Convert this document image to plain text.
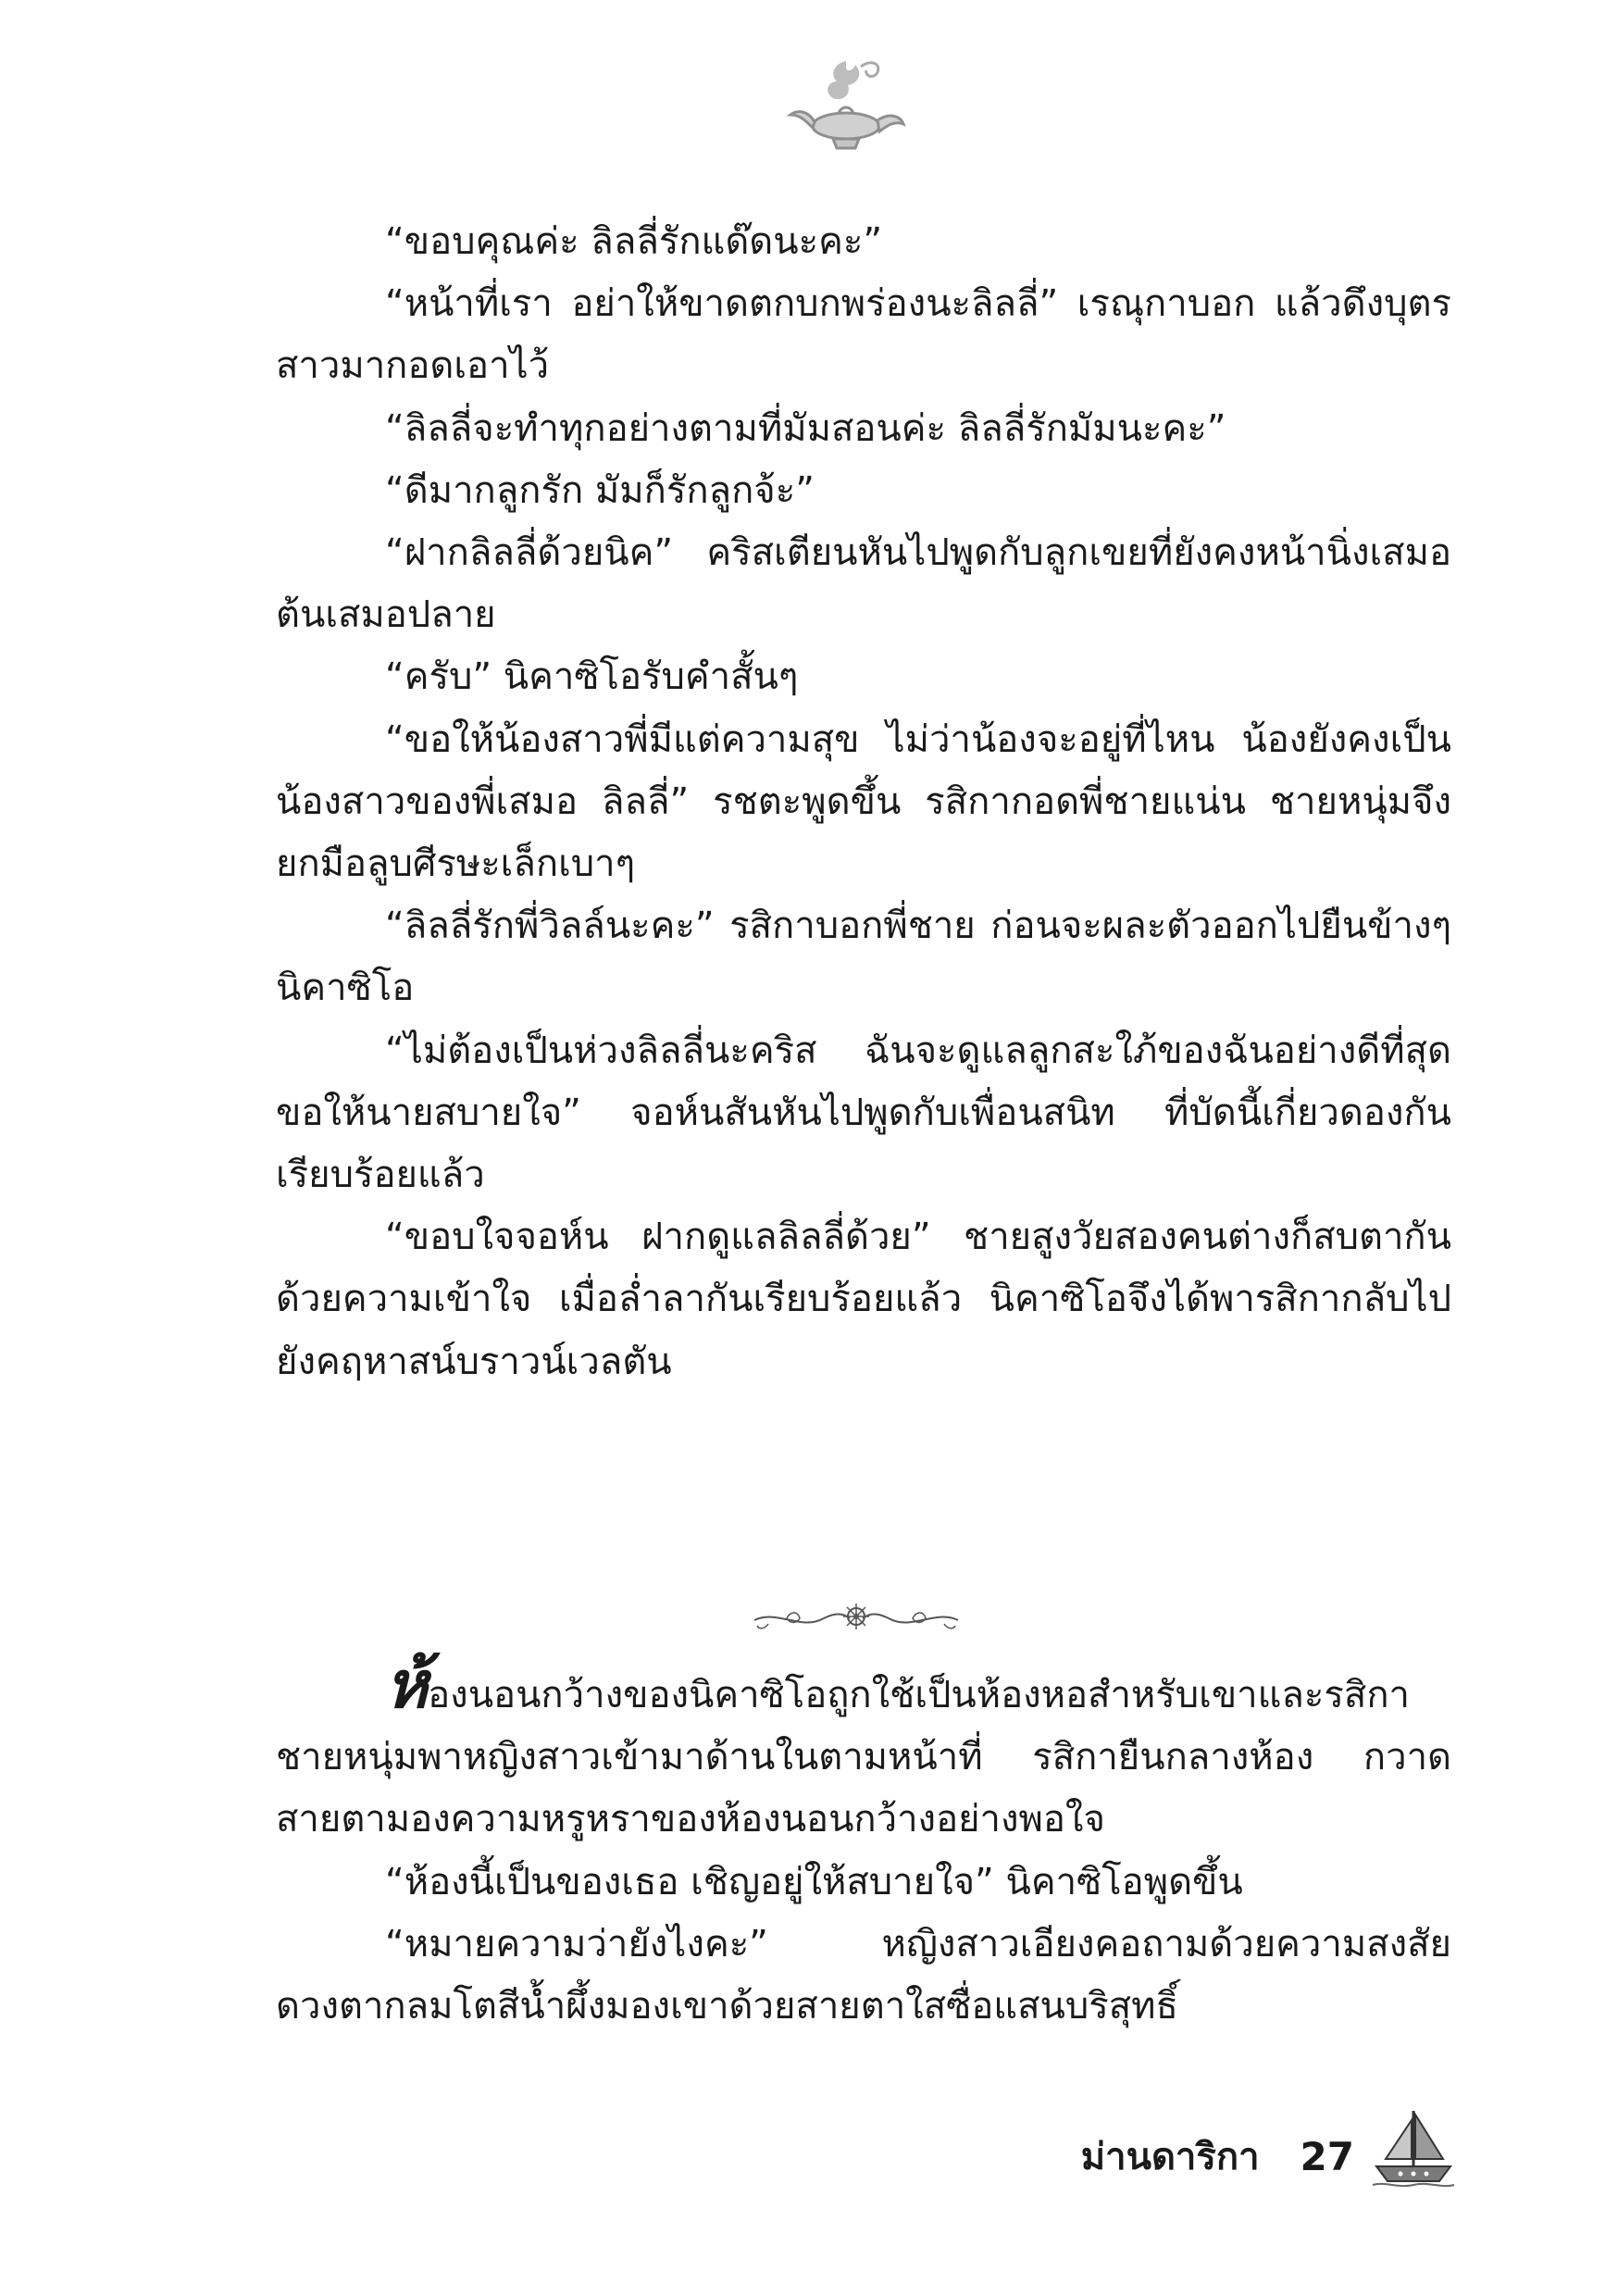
“ขอบคุณค่ะ ลิลลี่รักแด๊ดนะคะ”

“หน้าที่เรา อย่าให้ขาดตกบกพร่องนะลิลลี่” เรณุกาบอก แล้วดึงบุตรสาวมากอดเอาไว้

“ลิลลี่จะทำทุกอย่างตามที่มัมสอนค่ะ ลิลลี่รักมัมนะคะ”

“ดีมากลูกรัก มัมก็รักลูกจ้ะ”

“ฝากลิลลี่ด้วยนิค” คริสเตียนหันไปพูดกับลูกเขยที่ยังคงหน้านิ่งเสมอต้นเสมอปลาย

“ครับ” นิคาซิโอรับคำสั้นๆ

“ขอให้น้องสาวพี่มีแต่ความสุข ไม่ว่าน้องจะอยู่ที่ไหน น้องยังคงเป็นน้องสาวของพี่เสมอ ลิลลี่” รชตะพูดขึ้น รสิกากอดพี่ชายแน่น ชายหนุ่มจึงยกมือลูบศีรษะเล็กเบาๆ

“ลิลลี่รักพี่วิลล์นะคะ” รสิกาบอกพี่ชาย ก่อนจะผละตัวออกไปยืนข้างๆ นิคาซิโอ

“ไม่ต้องเป็นห่วงลิลลี่นะคริส ฉันจะดูแลลูกสะใภ้ของฉันอย่างดีที่สุด ขอให้นายสบายใจ” จอห์นสันหันไปพูดกับเพื่อนสนิท ที่บัดนี้เกี่ยวดองกันเรียบร้อยแล้ว

“ขอบใจจอห์น ฝากดูแลลิลลี่ด้วย” ชายสูงวัยสองคนต่างก็สบตากันด้วยความเข้าใจ เมื่อล่ำลากันเรียบร้อยแล้ว นิคาซิโอจึงได้พารสิกากลับไปยังคฤหาสน์บราวน์เวลตัน

ห้องนอนกว้างของนิคาซิโอถูกใช้เป็นห้องหอสำหรับเขาและรสิกา ชายหนุ่มพาหญิงสาวเข้ามาด้านในตามหน้าที่ รสิกายืนกลางห้อง กวาดสายตามองความหรูหราของห้องนอนกว้างอย่างพอใจ

“ห้องนี้เป็นของเธอ เชิญอยู่ให้สบายใจ” นิคาซิโอพูดขึ้น

“หมายความว่ายังไงคะ” หญิงสาวเอียงคอถามด้วยความสงสัย ดวงตากลมโตสีน้ำผึ้งมองเขาด้วยสายตาใสซื่อแสนบริสุทธิ์

ม่านดาริกา 27
